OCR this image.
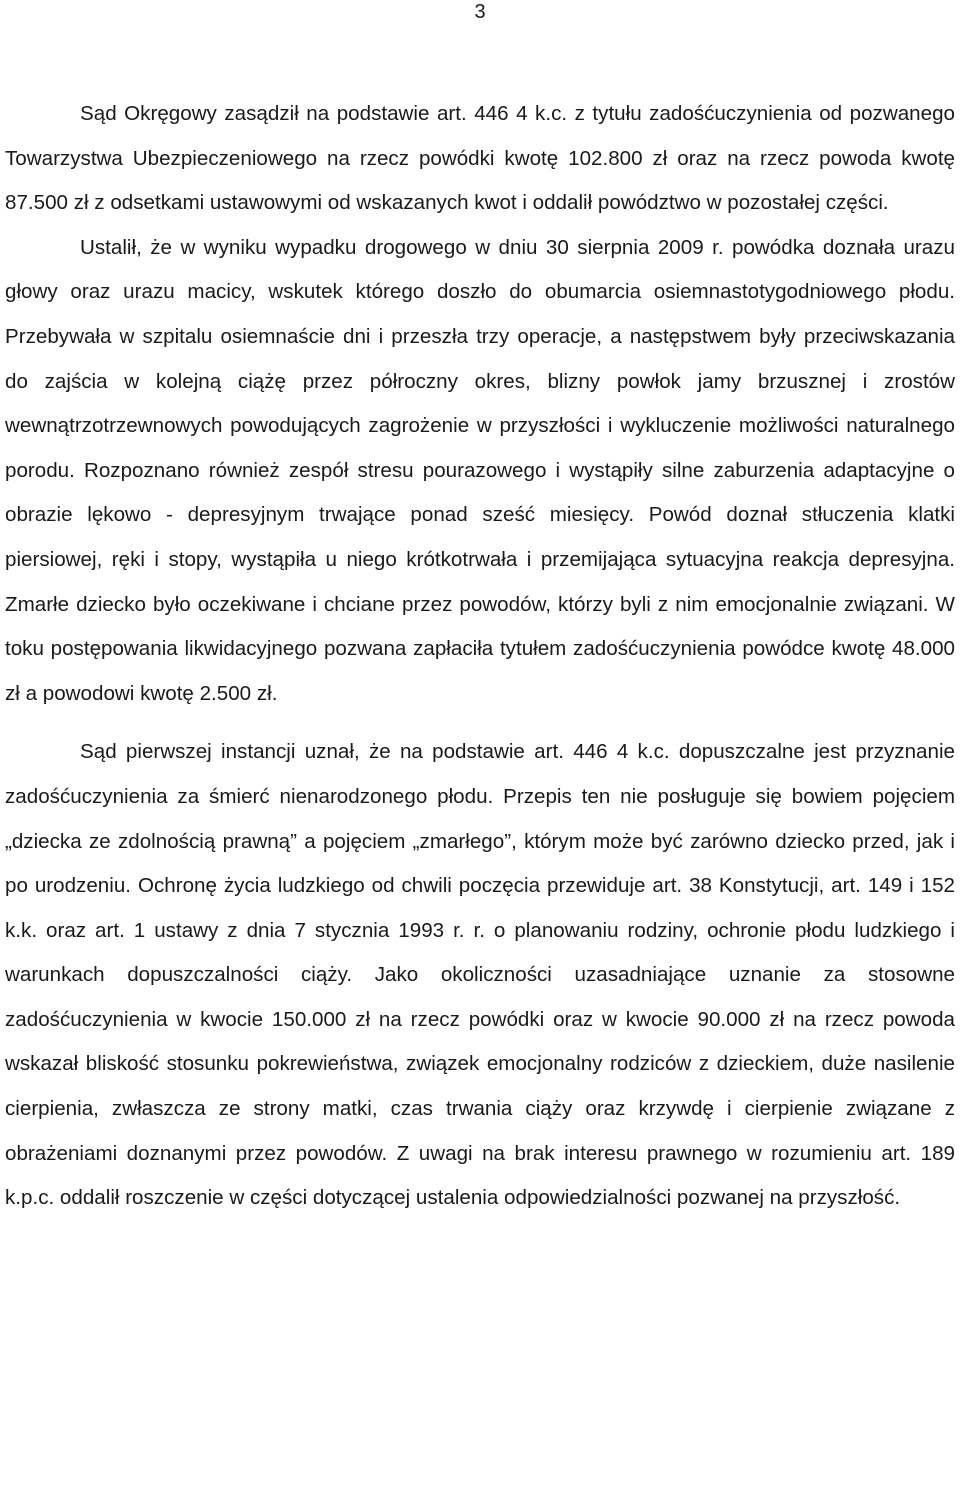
3

Sąd Okręgowy zasądził na podstawie art. 446 4 k.c. z tytułu zadośćuczynienia od pozwanego Towarzystwa Ubezpieczeniowego na rzecz powódki kwotę 102.800 zł oraz na rzecz powoda kwotę 87.500 zł z odsetkami ustawowymi od wskazanych kwot i oddalił powództwo w pozostałej części.

Ustalił, że w wyniku wypadku drogowego w dniu 30 sierpnia 2009 r. powódka doznała urazu głowy oraz urazu macicy, wskutek którego doszło do obumarcia osiemnastotygodniowego płodu. Przebywała w szpitalu osiemnaście dni i przeszła trzy operacje, a następstwem były przeciwskazania do zajścia w kolejną ciążę przez półroczny okres, blizny powłok jamy brzusznej i zrostów wewnątrzotrzewnowych powodujących zagrożenie w przyszłości i wykluczenie możliwości naturalnego porodu. Rozpoznano również zespół stresu pourazowego i wystąpiły silne zaburzenia adaptacyjne o obrazie lękowo - depresyjnym trwające ponad sześć miesięcy. Powód doznał stłuczenia klatki piersiowej, ręki i stopy, wystąpiła u niego krótkotrwała i przemijająca sytuacyjna reakcja depresyjna. Zmarłe dziecko było oczekiwane i chciane przez powodów, którzy byli z nim emocjonalnie związani. W toku postępowania likwidacyjnego pozwana zapłaciła tytułem zadośćuczynienia powódce kwotę 48.000 zł a powodowi kwotę 2.500 zł.

Sąd pierwszej instancji uznał, że na podstawie art. 446 4 k.c. dopuszczalne jest przyznanie zadośćuczynienia za śmierć nienarodzonego płodu. Przepis ten nie posługuje się bowiem pojęciem „dziecka ze zdolnością prawną” a pojęciem „zmarłego”, którym może być zarówno dziecko przed, jak i po urodzeniu. Ochronę życia ludzkiego od chwili poczęcia przewiduje art. 38 Konstytucji, art. 149 i 152 k.k. oraz art. 1 ustawy z dnia 7 stycznia 1993 r. r. o planowaniu rodziny, ochronie płodu ludzkiego i warunkach dopuszczalności ciąży. Jako okoliczności uzasadniające uznanie za stosowne zadośćuczynienia w kwocie 150.000 zł na rzecz powódki oraz w kwocie 90.000 zł na rzecz powoda wskazał bliskość stosunku pokrewieństwa, związek emocjonalny rodziców z dzieckiem, duże nasilenie cierpienia, zwłaszcza ze strony matki, czas trwania ciąży oraz krzywdę i cierpienie związane z obrażeniami doznanymi przez powodów. Z uwagi na brak interesu prawnego w rozumieniu art. 189 k.p.c. oddalił roszczenie w części dotyczącej ustalenia odpowiedzialności pozwanej na przyszłość.
